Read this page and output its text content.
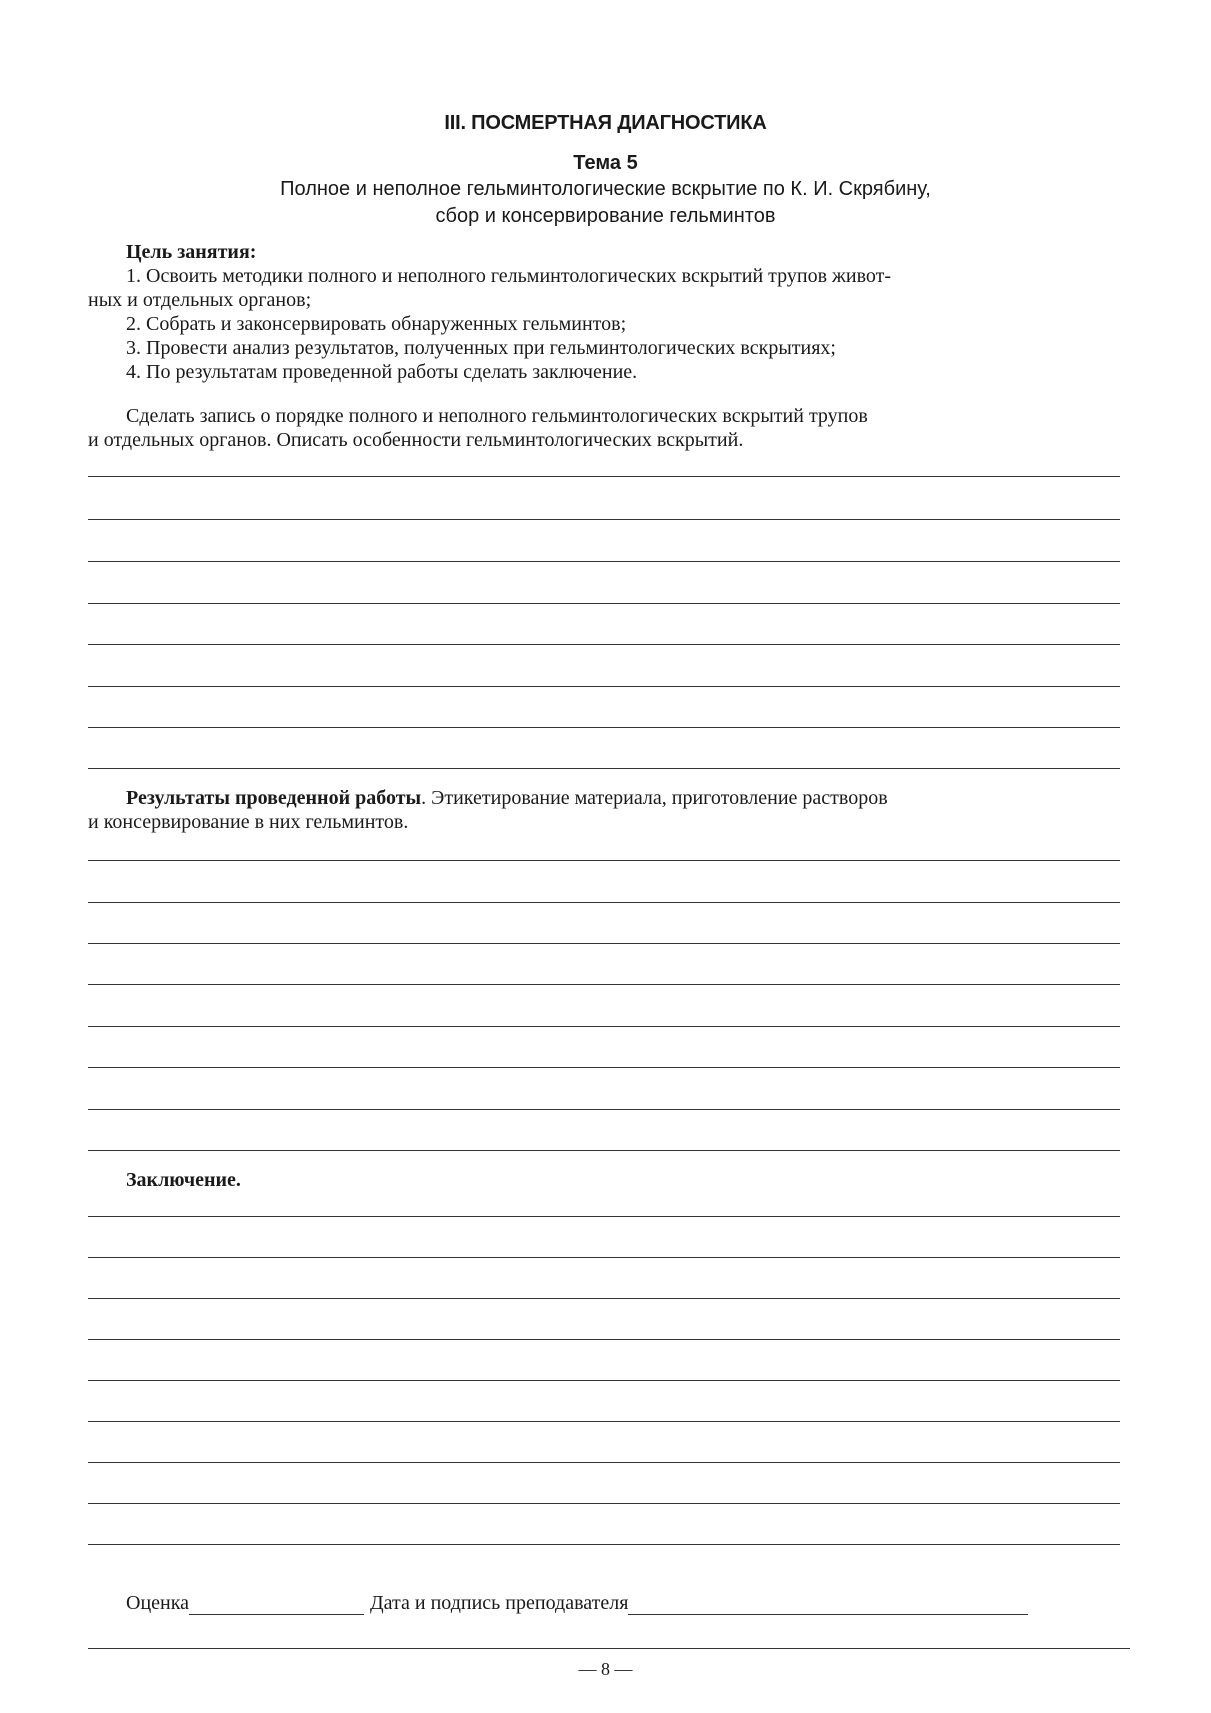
III. ПОСМЕРТНАЯ ДИАГНОСТИКА
Тема 5
Полное и неполное гельминтологические вскрытие по К. И. Скрябину,
сбор и консервирование гельминтов

Цель занятия:

1. Освоить методики полного и неполного гельминтологических вскрытий трупов живот-

ных и отдельных органов;

2. Собрать и законсервировать обнаруженных гельминтов;

3. Провести анализ результатов, полученных при гельминтологических вскрытиях;

4. По результатам проведенной работы сделать заключение.

Сделать запись о порядке полного и неполного гельминтологических вскрытий трупов

и отдельных органов. Описать особенности гельминтологических вскрытий.

Результаты проведенной работы. Этикетирование материала, приготовление растворов

и консервирование в них гельминтов.

Заключение.

Оценка	Дата и подпись преподавателя
— 8 —
